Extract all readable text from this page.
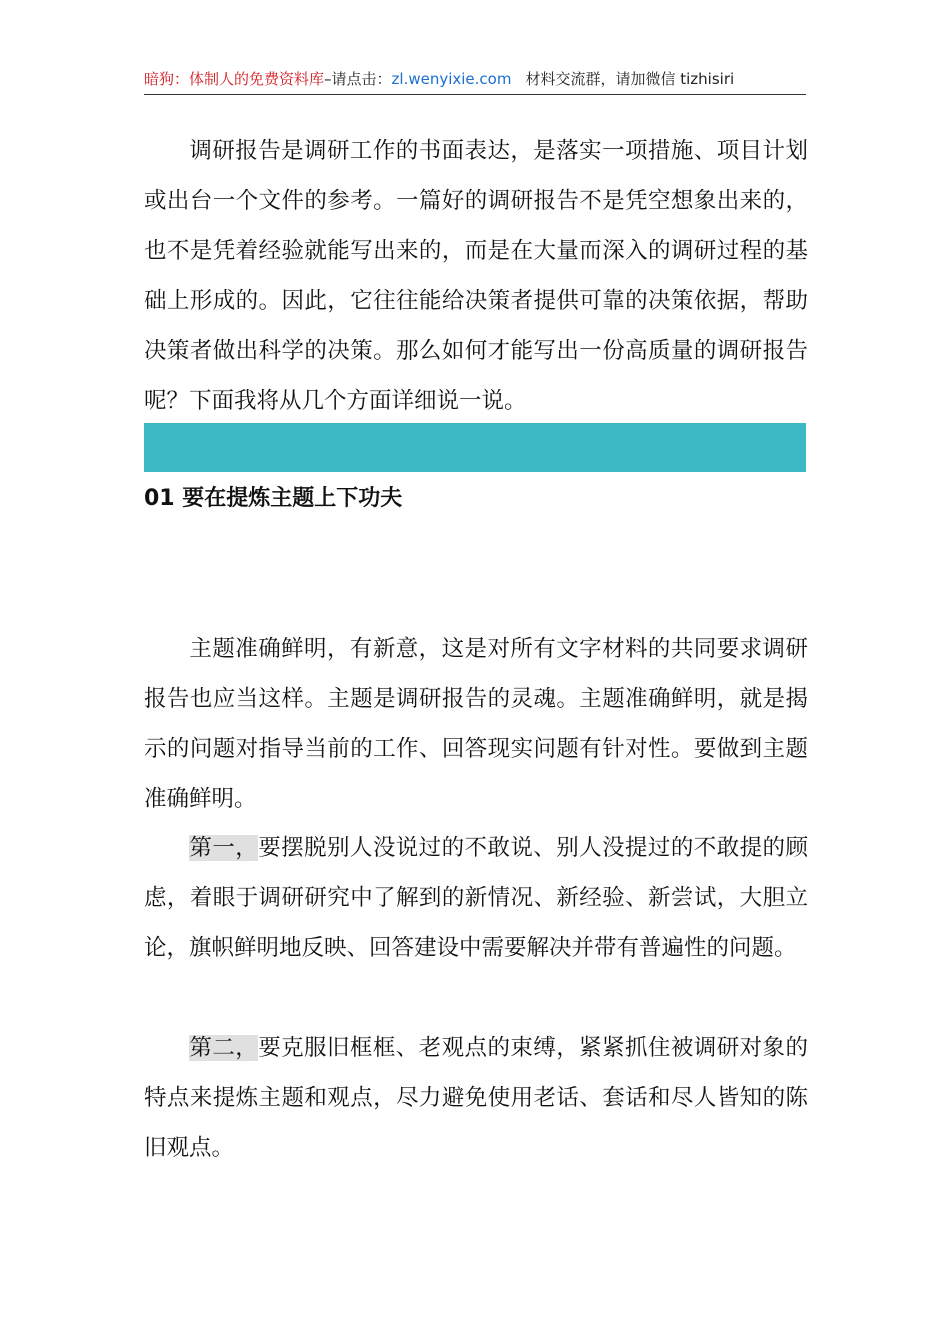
暗狗：体制人的免费资料库–请点击：zl.wenyixie.com 材料交流群，请加微信 tizhisiri

调研报告是调研工作的书面表达，是落实一项措施、项目计划或出台一个文件的参考。一篇好的调研报告不是凭空想象出来的，也不是凭着经验就能写出来的，而是在大量而深入的调研过程的基础上形成的。因此，它往往能给决策者提供可靠的决策依据，帮助决策者做出科学的决策。那么如何才能写出一份高质量的调研报告呢？下面我将从几个方面详细说一说。

01 要在提炼主题上下功夫

主题准确鲜明，有新意，这是对所有文字材料的共同要求调研报告也应当这样。主题是调研报告的灵魂。主题准确鲜明，就是揭示的问题对指导当前的工作、回答现实问题有针对性。要做到主题准确鲜明。

第一，要摆脱别人没说过的不敢说、别人没提过的不敢提的顾虑，着眼于调研研究中了解到的新情况、新经验、新尝试，大胆立论，旗帜鲜明地反映、回答建设中需要解决并带有普遍性的问题。

第二，要克服旧框框、老观点的束缚，紧紧抓住被调研对象的特点来提炼主题和观点，尽力避免使用老话、套话和尽人皆知的陈旧观点。
